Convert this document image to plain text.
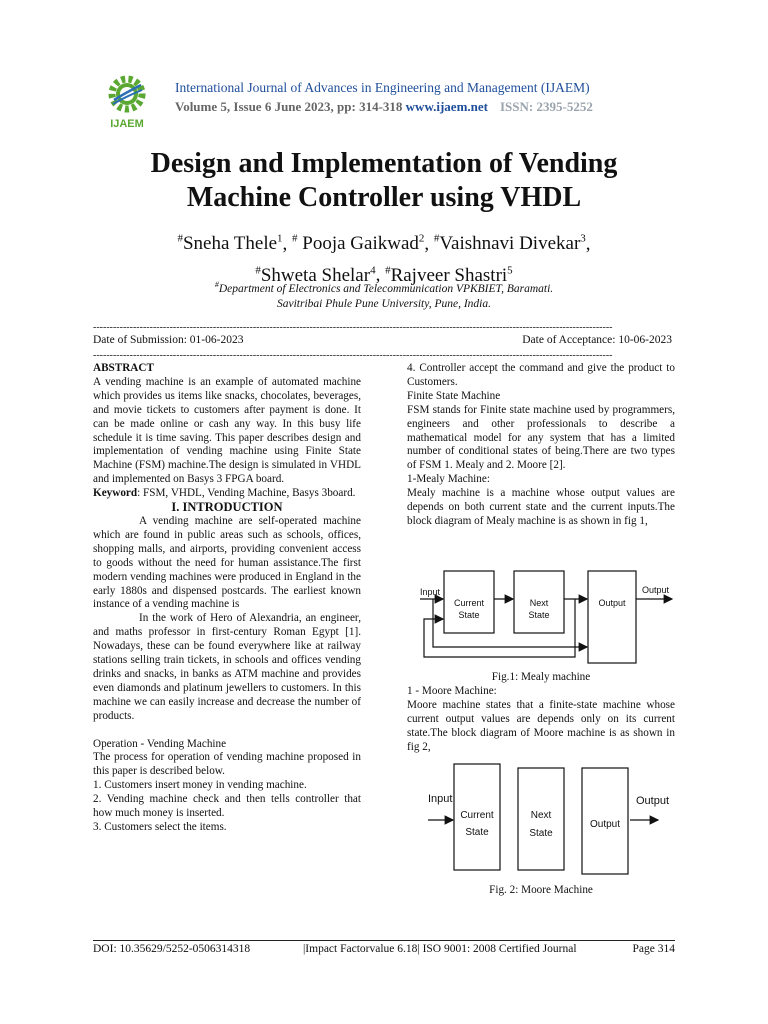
IJAEM
International Journal of Advances in Engineering and Management (IJAEM)
Volume 5, Issue 6 June 2023, pp: 314-318 www.ijaem.net ISSN: 2395-5252
Design and Implementation of Vending
Machine Controller using VHDL
#Sneha Thele$^1$, # Pooja Gaikwad$^2$, #Vaishnavi Divekar$^3$,
#Shweta Shelar$^4$, #Rajveer Shastri$^5$
#Department of Electronics and Telecommunication VPKBIET, Baramati.
Savitribai Phule Pune University, Pune, India.
------------------------------------------------------------------------------------------------------------------------------------------------------------
Date of Submission: 01-06-2023	Date of Acceptance: 10-06-2023
------------------------------------------------------------------------------------------------------------------------------------------------------------

ABSTRACT

A vending machine is an example of automated machine which provides us items like snacks, chocolates, beverages, and movie tickets to customers after payment is done. It can be made online or cash any way. In this busy life schedule it is time saving. This paper describes design and implementation of vending machine using Finite State Machine (FSM) machine.The design is simulated in VHDL and implemented on Basys 3 FPGA board.

Keyword: FSM, VHDL, Vending Machine, Basys 3board.

I. INTRODUCTION

A vending machine are self-operated machine which are found in public areas such as schools, offices, shopping malls, and airports, providing convenient access to goods without the need for human assistance.The first modern vending machines were produced in England in the early 1880s and dispensed postcards. The earliest known instance of a vending machine is

In the work of Hero of Alexandria, an engineer, and maths professor in first-century Roman Egypt [1]. Nowadays, these can be found everywhere like at railway stations selling train tickets, in schools and offices vending drinks and snacks, in banks as ATM machine and provides even diamonds and platinum jewellers to customers. In this machine we can easily increase and decrease the number of products.

Operation - Vending Machine

The process for operation of vending machine proposed in this paper is described below.

1. Customers insert money in vending machine.

2. Vending machine check and then tells controller that how much money is inserted.

3. Customers select the items.

4. Controller accept the command and give the product to Customers.

Finite State Machine

FSM stands for Finite state machine used by programmers, engineers and other professionals to describe a mathematical model for any system that has a limited number of conditional states of being.There are two types of FSM 1. Mealy and 2. Moore [2].

1-Mealy Machine:

Mealy machine is a machine whose output values are depends on both current state and the current inputs.The block diagram of Mealy machine is as shown in fig 1,

Input
Current
State
Next
State
Output
Output
Fig.1: Mealy machine

1 - Moore Machine:

Moore machine states that a finite-state machine whose current output values are depends only on its current state.The block diagram of Moore machine is as shown in fig 2,

Input
Current
State
Next
State
Output
Output
Fig. 2: Moore Machine
DOI: 10.35629/5252-0506314318	|Impact Factorvalue 6.18| ISO 9001: 2008 Certified Journal	Page 314
